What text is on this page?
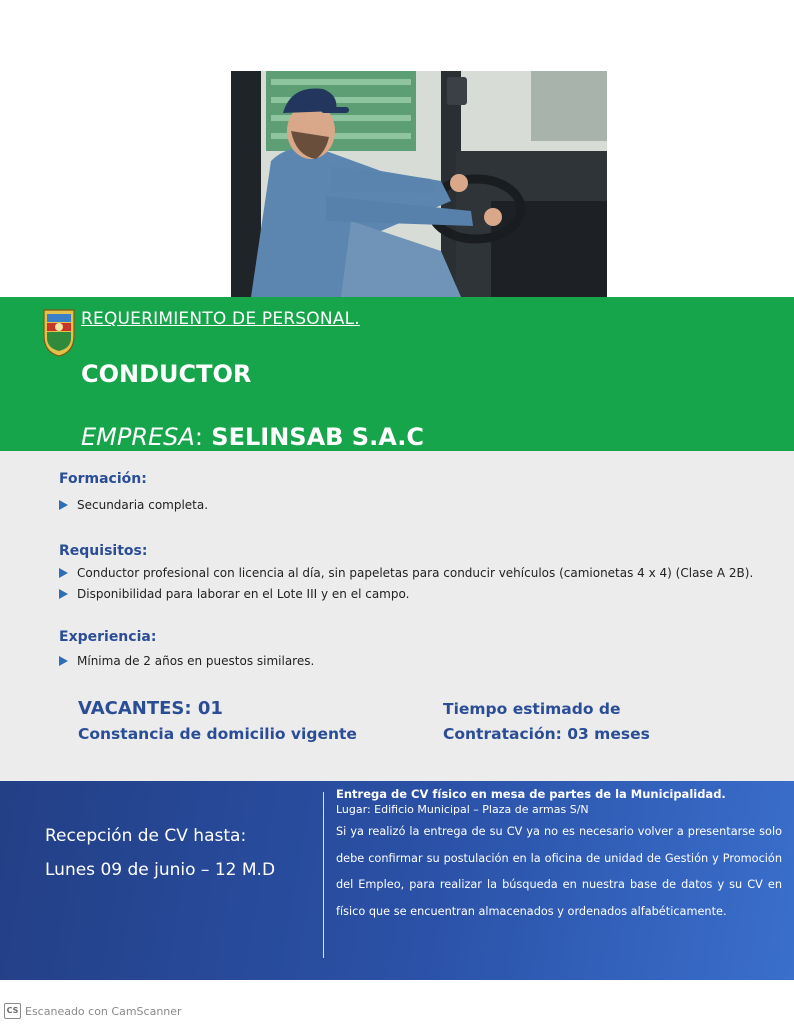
REQUERIMIENTO DE PERSONAL.
CONDUCTOR
EMPRESA: SELINSAB S.A.C
Formación:
Secundaria completa.
Requisitos:
Conductor profesional con licencia al día, sin papeletas para conducir vehículos (camionetas 4 x 4) (Clase A 2B).
Disponibilidad para laborar en el Lote III y en el campo.
Experiencia:
Mínima de 2 años en puestos similares.
VACANTES: 01
Constancia de domicilio vigente
Tiempo estimado de
Contratación: 03 meses
Recepción de CV hasta:
Lunes 09 de junio – 12 M.D
Entrega de CV físico en mesa de partes de la Municipalidad.
Lugar: Edificio Municipal – Plaza de armas S/N
Si ya realizó la entrega de su CV ya no es necesario volver a presentarse solo debe confirmar su postulación en la oficina de unidad de Gestión y Promoción del Empleo, para realizar la búsqueda en nuestra base de datos y su CV en físico que se encuentran almacenados y ordenados alfabéticamente.
CS Escaneado con CamScanner
